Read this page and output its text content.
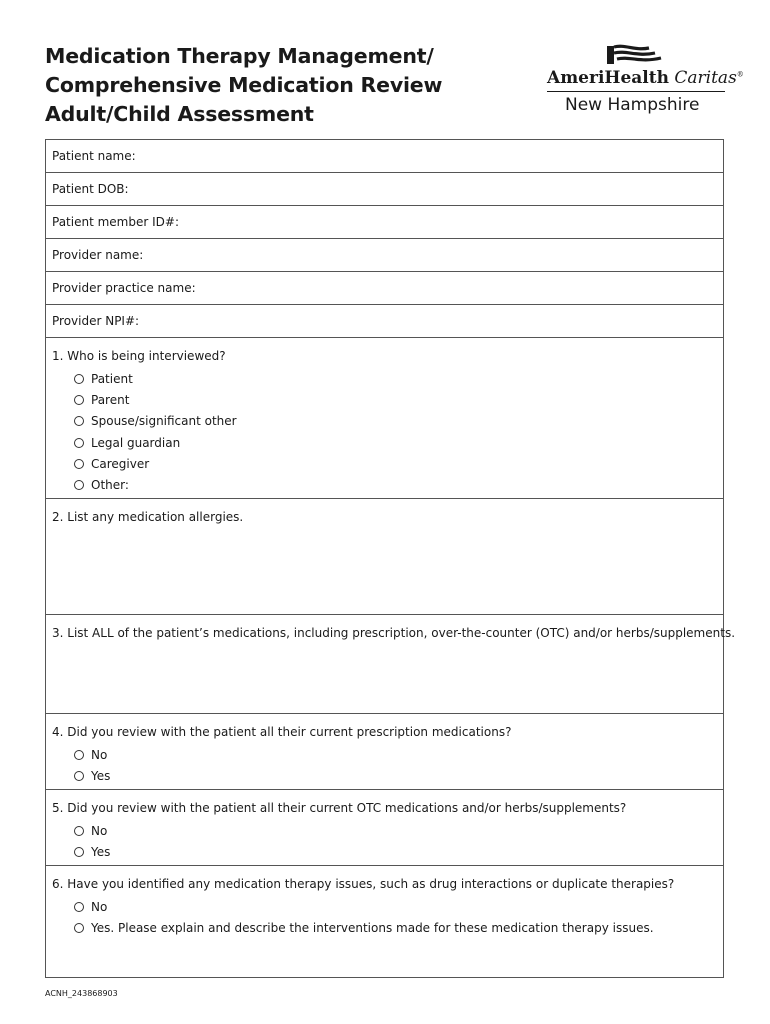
Medication Therapy Management/
Comprehensive Medication Review
Adult/Child Assessment
AmeriHealth Caritas®
New Hampshire
Patient name:
Patient DOB:
Patient member ID#:
Provider name:
Provider practice name:
Provider NPI#:
1. Who is being interviewed?
Patient
Parent
Spouse/significant other
Legal guardian
Caregiver
Other:
2. List any medication allergies.
3. List ALL of the patient’s medications, including prescription, over-the-counter (OTC) and/or herbs/supplements.
4. Did you review with the patient all their current prescription medications?
No
Yes
5. Did you review with the patient all their current OTC medications and/or herbs/supplements?
No
Yes
6. Have you identified any medication therapy issues, such as drug interactions or duplicate therapies?
No
Yes. Please explain and describe the interventions made for these medication therapy issues.
ACNH_243868903
